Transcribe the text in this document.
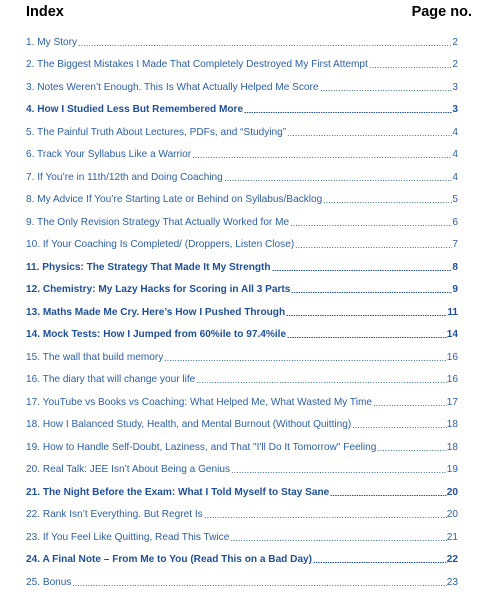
Index	Page no.
1. My Story	2
2. The Biggest Mistakes I Made That Completely Destroyed My First Attempt	2
3. Notes Weren’t Enough. This Is What Actually Helped Me Score	3
4. How I Studied Less But Remembered More	3
5. The Painful Truth About Lectures, PDFs, and “Studying”	4
6. Track Your Syllabus Like a Warrior	4
7. If You’re in 11th/12th and Doing Coaching	4
8. My Advice If You’re Starting Late or Behind on Syllabus/Backlog	5
9. The Only Revision Strategy That Actually Worked for Me	6
10. If Your Coaching Is Completed/ (Droppers, Listen Close)	7
11. Physics: The Strategy That Made It My Strength	8
12. Chemistry: My Lazy Hacks for Scoring in All 3 Parts	9
13. Maths Made Me Cry. Here’s How I Pushed Through	11
14. Mock Tests: How I Jumped from 60%ile to 97.4%ile	14
15. The wall that build memory	16
16. The diary that will change your life	16
17. YouTube vs Books vs Coaching: What Helped Me, What Wasted My Time	17
18. How I Balanced Study, Health, and Mental Burnout (Without Quitting)	18
19. How to Handle Self-Doubt, Laziness, and That "I'll Do It Tomorrow" Feeling	18
20. Real Talk: JEE Isn’t About Being a Genius	19
21. The Night Before the Exam: What I Told Myself to Stay Sane	20
22. Rank Isn’t Everything. But Regret Is	20
23. If You Feel Like Quitting, Read This Twice	21
24. A Final Note – From Me to You (Read This on a Bad Day)	22
25. Bonus	23
